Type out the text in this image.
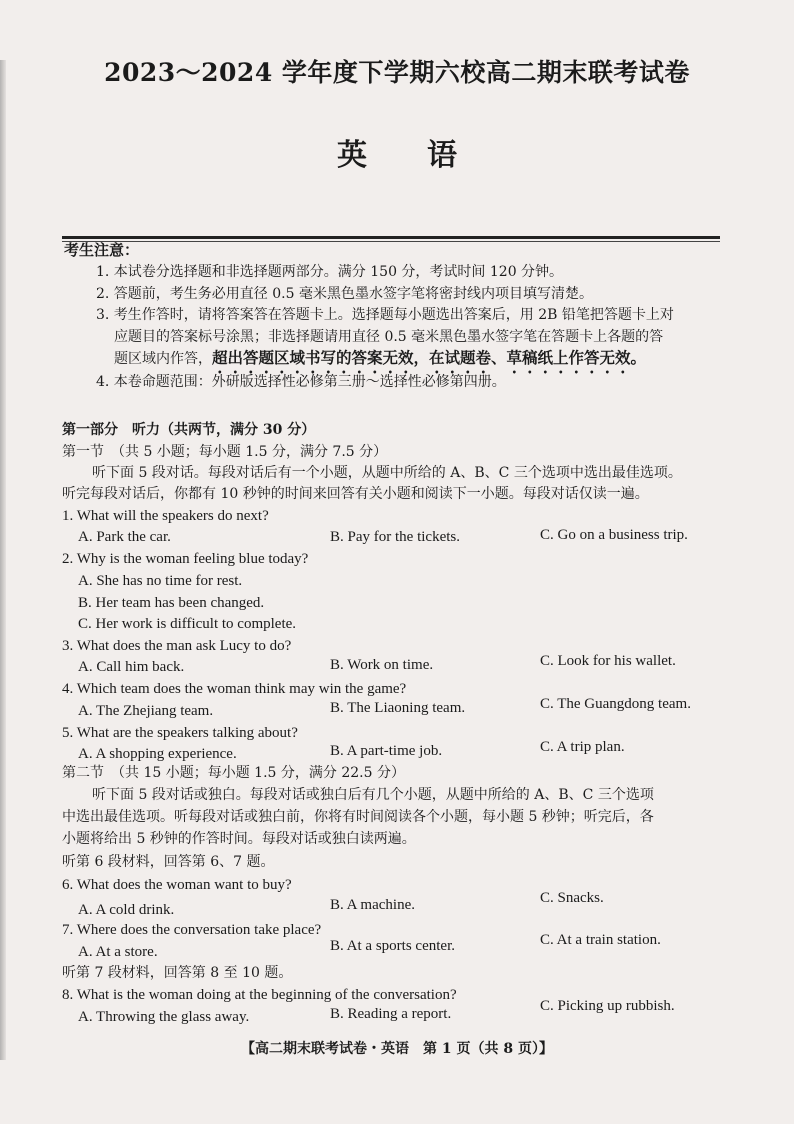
2023～2024 学年度下学期六校高二期末联考试卷
英　　语
考生注意：
1. 本试卷分选择题和非选择题两部分。满分 150 分，考试时间 120 分钟。
2. 答题前，考生务必用直径 0.5 毫米黑色墨水签字笔将密封线内项目填写清楚。
3. 考生作答时，请将答案答在答题卡上。选择题每小题选出答案后，用 2B 铅笔把答题卡上对
应题目的答案标号涂黑；非选择题请用直径 0.5 毫米黑色墨水签字笔在答题卡上各题的答
题区域内作答，超出答题区域书写的答案无效，在试题卷、草稿纸上作答无效。
4. 本卷命题范围：外研版选择性必修第三册～选择性必修第四册。
第一部分　听力（共两节，满分 30 分）
第一节　（共 5 小题；每小题 1.5 分，满分 7.5 分）
听下面 5 段对话。每段对话后有一个小题，从题中所给的 A、B、C 三个选项中选出最佳选项。
听完每段对话后，你都有 10 秒钟的时间来回答有关小题和阅读下一小题。每段对话仅读一遍。
1. What will the speakers do next?
A. Park the car.	B. Pay for the tickets.	C. Go on a business trip.
2. Why is the woman feeling blue today?
A. She has no time for rest.
B. Her team has been changed.
C. Her work is difficult to complete.
3. What does the man ask Lucy to do?
A. Call him back.	B. Work on time.	C. Look for his wallet.
4. Which team does the woman think may win the game?
A. The Zhejiang team.	B. The Liaoning team.	C. The Guangdong team.
5. What are the speakers talking about?
A. A shopping experience.	B. A part-time job.	C. A trip plan.
第二节　（共 15 小题；每小题 1.5 分，满分 22.5 分）
听下面 5 段对话或独白。每段对话或独白后有几个小题，从题中所给的 A、B、C 三个选项
中选出最佳选项。听每段对话或独白前，你将有时间阅读各个小题，每小题 5 秒钟；听完后，各
小题将给出 5 秒钟的作答时间。每段对话或独白读两遍。
听第 6 段材料，回答第 6、7 题。
6. What does the woman want to buy?
A. A cold drink.	B. A machine.	C. Snacks.
7. Where does the conversation take place?
A. At a store.	B. At a sports center.	C. At a train station.
听第 7 段材料，回答第 8 至 10 题。
8. What is the woman doing at the beginning of the conversation?
A. Throwing the glass away.	B. Reading a report.	C. Picking up rubbish.
【高二期末联考试卷・英语　第 1 页（共 8 页）】
